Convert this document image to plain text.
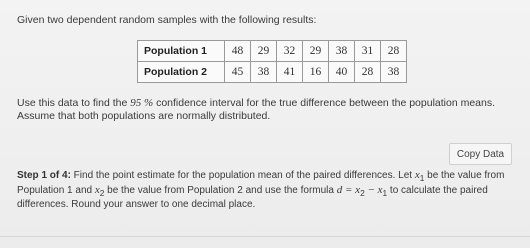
Given two dependent random samples with the following results:

Population 1	48	29	32	29	38	31	28
Population 2	45	38	41	16	40	28	38

Use this data to find the 95 % confidence interval for the true difference between the population means. Assume that both populations are normally distributed.

Copy Data

Step 1 of 4: Find the point estimate for the population mean of the paired differences. Let $x_1$ be the value from Population 1 and $x_2$ be the value from Population 2 and use the formula $d = x_2 - x_1$ to calculate the paired differences. Round your answer to one decimal place.
